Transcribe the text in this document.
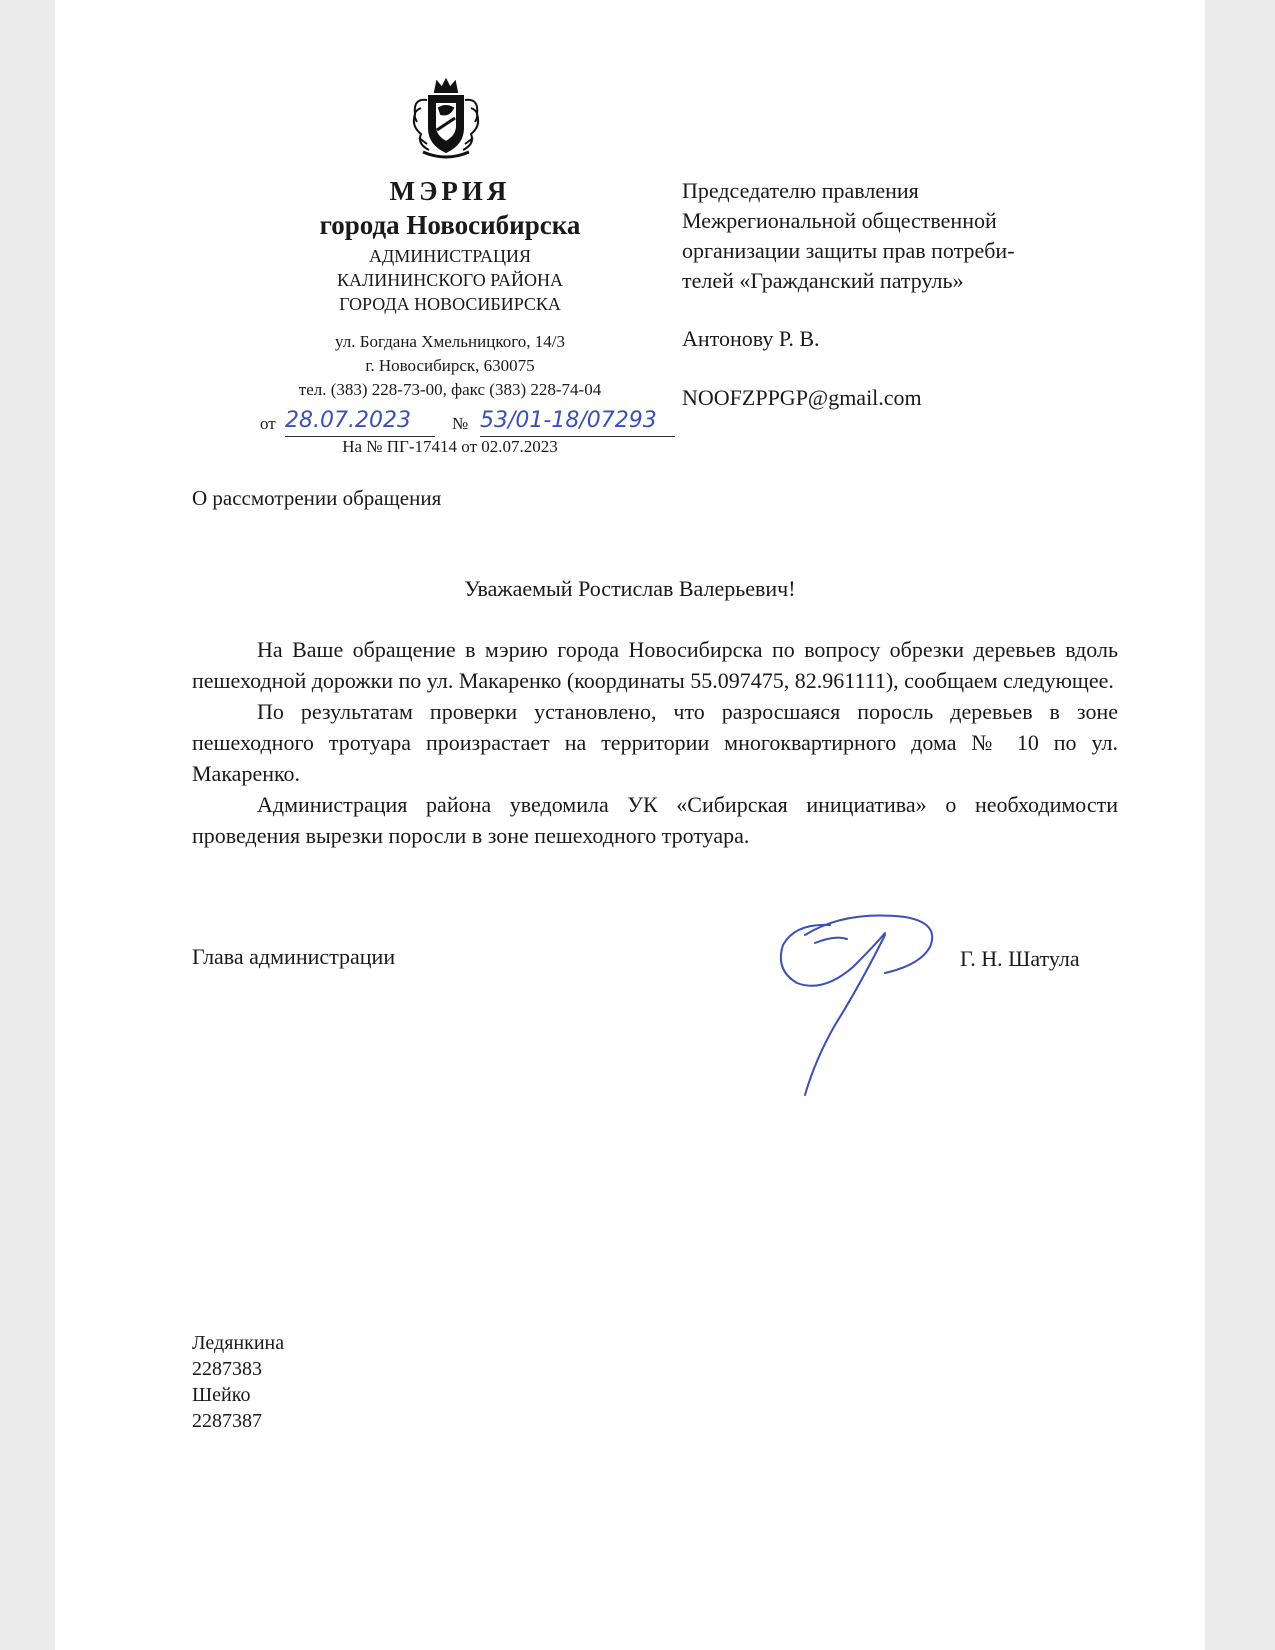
МЭРИЯ
города Новосибирска
АДМИНИСТРАЦИЯ
КАЛИНИНСКОГО РАЙОНА
ГОРОДА НОВОСИБИРСКА
ул. Богдана Хмельницкого, 14/3
г. Новосибирск, 630075
тел. (383) 228-73-00, факс (383) 228-74-04
от 28.07.2023	№ 53/01-18/07293
На № ПГ-17414 от 02.07.2023
О рассмотрении обращения
Председателю правления
Межрегиональной общественной
организации защиты прав потреби-
телей «Гражданский патруль»
Антонову Р. В.
NOOFZPPGP@gmail.com
Уважаемый Ростислав Валерьевич!

На Ваше обращение в мэрию города Новосибирска по вопросу обрезки деревьев вдоль пешеходной дорожки по ул. Макаренко (координаты 55.097475, 82.961111), сообщаем следующее.

По результатам проверки установлено, что разросшаяся поросль деревьев в зоне пешеходного тротуара произрастает на территории многоквартирного дома № 10 по ул. Макаренко.

Администрация района уведомила УК «Сибирская инициатива» о необходимости проведения вырезки поросли в зоне пешеходного тротуара.

Глава администрации	Г. Н. Шатула
Ледянкина
2287383
Шейко
2287387
